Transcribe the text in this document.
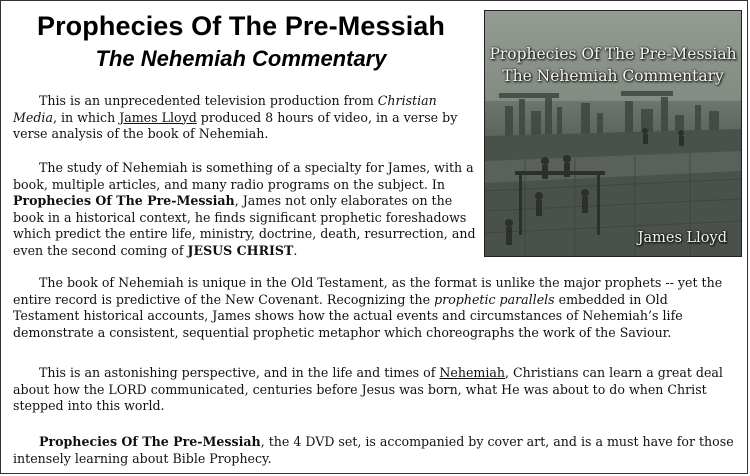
Prophecies Of The Pre-Messiah
The Nehemiah Commentary	Prophecies Of The Pre-Messiah

The Nehemiah Commentary

James Lloyd

This is an unprecedented television production from Christian Media, in which James Lloyd produced 8 hours of video, in a verse by verse analysis of the book of Nehemiah.

The study of Nehemiah is something of a specialty for James, with a book, multiple articles, and many radio programs on the subject. In Prophecies Of The Pre-Messiah, James not only elaborates on the book in a historical context, he finds significant prophetic foreshadows which predict the entire life, ministry, doctrine, death, resurrection, and even the second coming of JESUS CHRIST.

The book of Nehemiah is unique in the Old Testament, as the format is unlike the major prophets -- yet the entire record is predictive of the New Covenant. Recognizing the prophetic parallels embedded in Old Testament historical accounts, James shows how the actual events and circumstances of Nehemiah’s life demonstrate a consistent, sequential prophetic metaphor which choreographs the work of the Saviour.

This is an astonishing perspective, and in the life and times of Nehemiah, Christians can learn a great deal about how the LORD communicated, centuries before Jesus was born, what He was about to do when Christ stepped into this world.

Prophecies Of The Pre-Messiah, the 4 DVD set, is accompanied by cover art, and is a must have for those intensely learning about Bible Prophecy.
